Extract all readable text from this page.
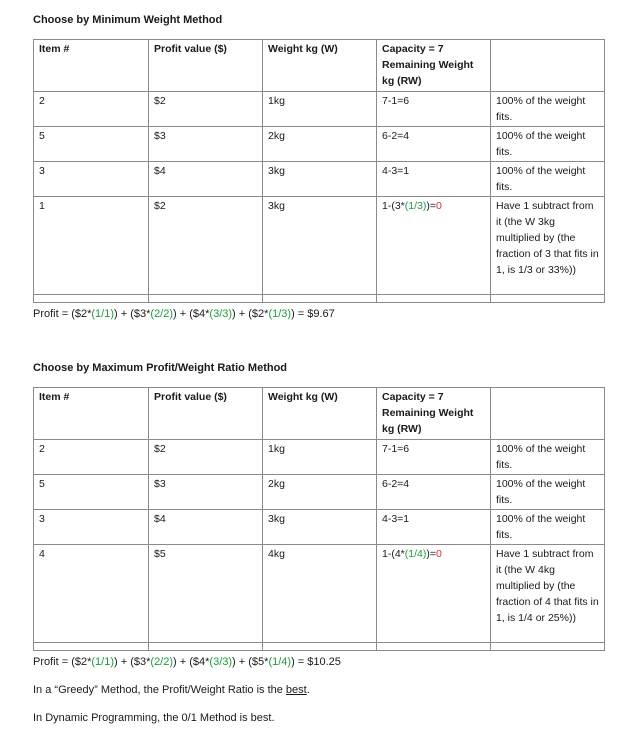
Choose by Minimum Weight Method
Item #	Profit value ($)	Weight kg (W)	Capacity = 7 Remaining Weight kg (RW)	
2	$2	1kg	7-1=6	100% of the weight fits.
5	$3	2kg	6-2=4	100% of the weight fits.
3	$4	3kg	4-3=1	100% of the weight fits.
1	$2	3kg	1-(3*(1/3))=0	Have 1 subtract from it (the W 3kg multiplied by (the fraction of 3 that fits in 1, is 1/3 or 33%))

Profit = ($2*(1/1)) + ($3*(2/2)) + ($4*(3/3)) + ($2*(1/3)) = $9.67
Choose by Maximum Profit/Weight Ratio Method
Item #	Profit value ($)	Weight kg (W)	Capacity = 7 Remaining Weight kg (RW)	
2	$2	1kg	7-1=6	100% of the weight fits.
5	$3	2kg	6-2=4	100% of the weight fits.
3	$4	3kg	4-3=1	100% of the weight fits.
4	$5	4kg	1-(4*(1/4))=0	Have 1 subtract from it (the W 4kg multiplied by (the fraction of 4 that fits in 1, is 1/4 or 25%))

Profit = ($2*(1/1)) + ($3*(2/2)) + ($4*(3/3)) + ($5*(1/4)) = $10.25
In a “Greedy” Method, the Profit/Weight Ratio is the best.
In Dynamic Programming, the 0/1 Method is best.
